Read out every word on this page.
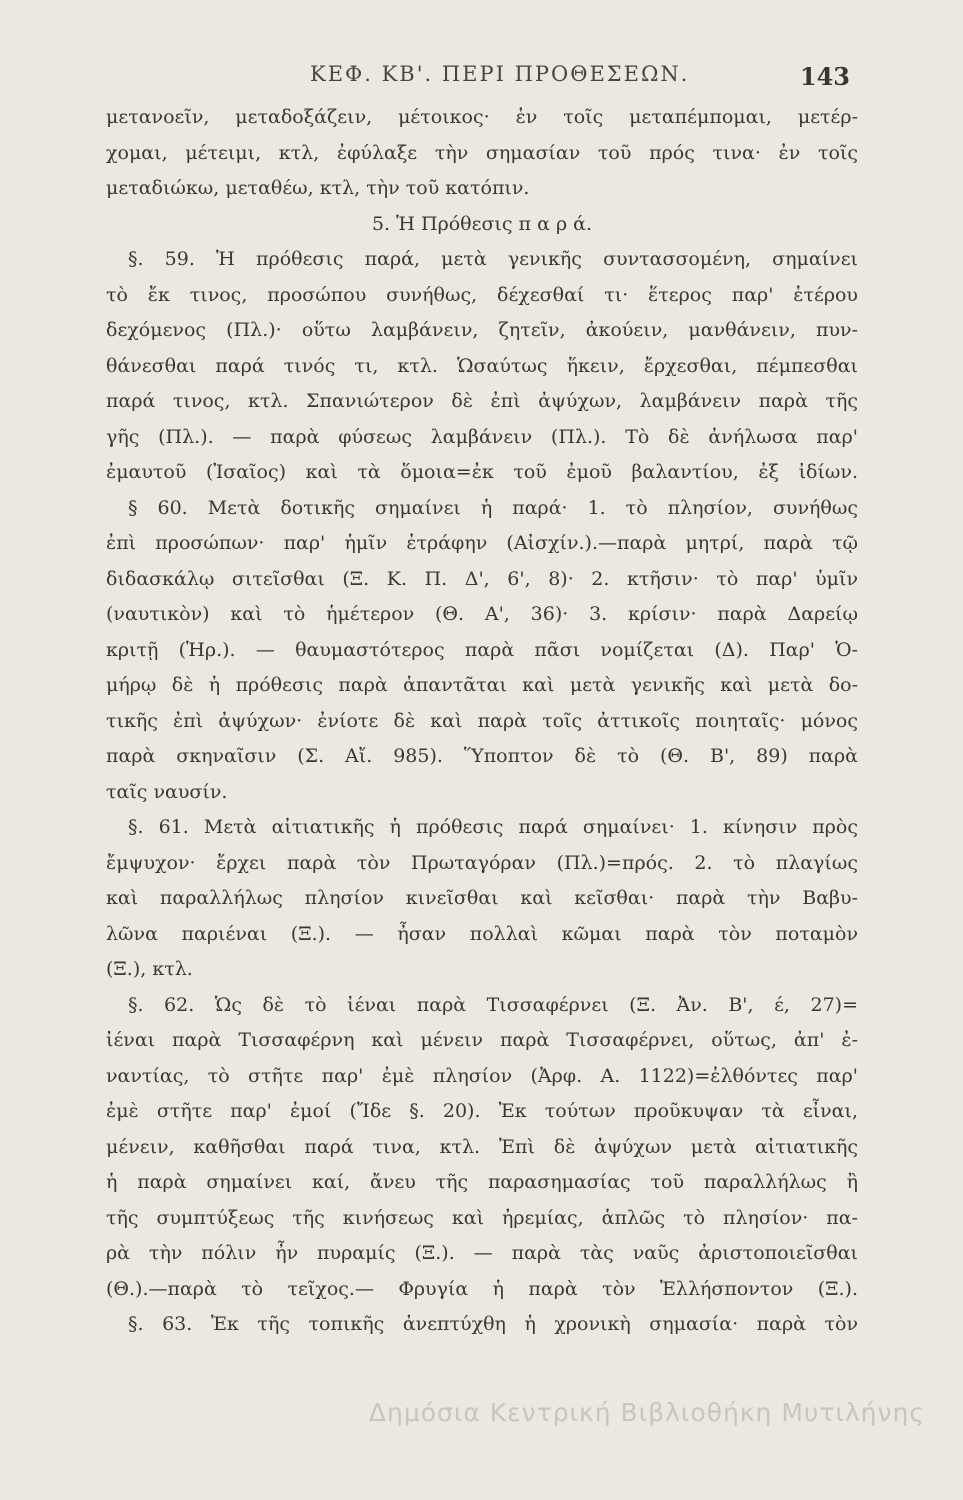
ΚΕΦ. ΚΒ'. ΠΕΡΙ ΠΡΟΘΕΣΕΩΝ.	143
μετανοεῖν, μεταδοξάζειν, μέτοικος· ἐν τοῖς μεταπέμπομαι, μετέρ-
χομαι, μέτειμι, κτλ, ἐφύλαξε τὴν σημασίαν τοῦ πρός τινα· ἐν τοῖς
μεταδιώκω, μεταθέω, κτλ, τὴν τοῦ κατόπιν.
5. Ἡ Πρόθεσις π α ρ ά.
§. 59. Ἡ πρόθεσις παρά, μετὰ γενικῆς συντασσομένη, σημαίνει
τὸ ἔκ τινος, προσώπου συνήθως, δέχεσθαί τι· ἕτερος παρ' ἑτέρου
δεχόμενος (Πλ.)· οὕτω λαμβάνειν, ζητεῖν, ἀκούειν, μανθάνειν, πυν-
θάνεσθαι παρά τινός τι, κτλ. Ὡσαύτως ἥκειν, ἔρχεσθαι, πέμπεσθαι
παρά τινος, κτλ. Σπανιώτερον δὲ ἐπὶ ἀψύχων, λαμβάνειν παρὰ τῆς
γῆς (Πλ.). — παρὰ φύσεως λαμβάνειν (Πλ.). Τὸ δὲ ἀνήλωσα παρ'
ἐμαυτοῦ (Ἰσαῖος) καὶ τὰ ὅμοια=ἐκ τοῦ ἐμοῦ βαλαντίου, ἐξ ἰδίων.
§ 60. Μετὰ δοτικῆς σημαίνει ἡ παρά· 1. τὸ πλησίον, συνήθως
ἐπὶ προσώπων· παρ' ἡμῖν ἐτράφην (Αἰσχίν.).—παρὰ μητρί, παρὰ τῷ
διδασκάλῳ σιτεῖσθαι (Ξ. Κ. Π. Δ', 6', 8)· 2. κτῆσιν· τὸ παρ' ὑμῖν
(ναυτικὸν) καὶ τὸ ἡμέτερον (Θ. Α', 36)· 3. κρίσιν· παρὰ Δαρείῳ
κριτῇ (Ἡρ.). — θαυμαστότερος παρὰ πᾶσι νομίζεται (Δ). Παρ' Ὁ-
μήρῳ δὲ ἡ πρόθεσις παρὰ ἀπαντᾶται καὶ μετὰ γενικῆς καὶ μετὰ δο-
τικῆς ἐπὶ ἀψύχων· ἐνίοτε δὲ καὶ παρὰ τοῖς ἀττικοῖς ποιηταῖς· μόνος
παρὰ σκηναῖσιν (Σ. Αἴ. 985). Ὕποπτον δὲ τὸ (Θ. Β', 89) παρὰ
ταῖς ναυσίν.
§. 61. Μετὰ αἰτιατικῆς ἡ πρόθεσις παρά σημαίνει· 1. κίνησιν πρὸς
ἔμψυχον· ἔρχει παρὰ τὸν Πρωταγόραν (Πλ.)=πρός. 2. τὸ πλαγίως
καὶ παραλλήλως πλησίον κινεῖσθαι καὶ κεῖσθαι· παρὰ τὴν Βαβυ-
λῶνα παριέναι (Ξ.). — ἦσαν πολλαὶ κῶμαι παρὰ τὸν ποταμὸν
(Ξ.), κτλ.
§. 62. Ὡς δὲ τὸ ἰέναι παρὰ Τισσαφέρνει (Ξ. Ἀν. Β', έ, 27)=
ἰέναι παρὰ Τισσαφέρνη καὶ μένειν παρὰ Τισσαφέρνει, οὕτως, ἀπ' ἐ-
ναντίας, τὸ στῆτε παρ' ἐμὲ πλησίον (Ἀρφ. Α. 1122)=ἐλθόντες παρ'
ἐμὲ στῆτε παρ' ἐμοί (Ἴδε §. 20). Ἐκ τούτων προῦκυψαν τὰ εἶναι,
μένειν, καθῆσθαι παρά τινα, κτλ. Ἐπὶ δὲ ἀψύχων μετὰ αἰτιατικῆς
ἡ παρὰ σημαίνει καί, ἄνευ τῆς παρασημασίας τοῦ παραλλήλως ἢ
τῆς συμπτύξεως τῆς κινήσεως καὶ ἠρεμίας, ἁπλῶς τὸ πλησίον· πα-
ρὰ τὴν πόλιν ἦν πυραμίς (Ξ.). — παρὰ τὰς ναῦς ἀριστοποιεῖσθαι
(Θ.).—παρὰ τὸ τεῖχος.— Φρυγία ἡ παρὰ τὸν Ἑλλήσποντον (Ξ.).
§. 63. Ἐκ τῆς τοπικῆς ἀνεπτύχθη ἡ χρονικὴ σημασία· παρὰ τὸν
Δημόσια Κεντρική Βιβλιοθήκη Μυτιλήνης
